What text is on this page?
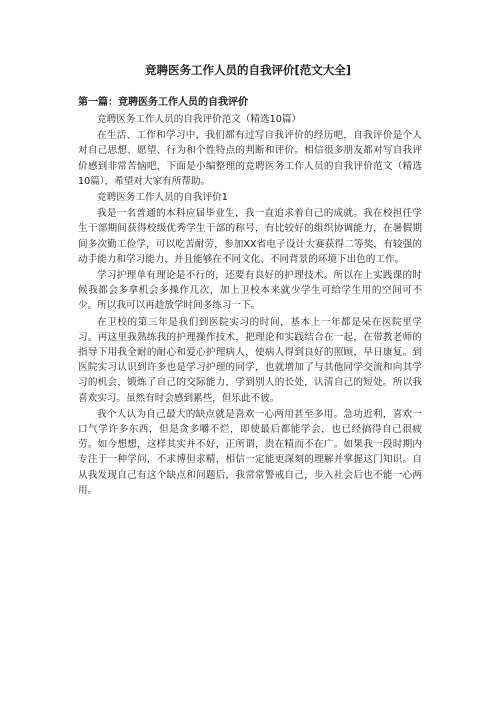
竞聘医务工作人员的自我评价[范文大全]
第一篇：竞聘医务工作人员的自我评价

竞聘医务工作人员的自我评价范文（精选10篇）

在生活、工作和学习中，我们都有过写自我评价的经历吧，自我评价是个人对自己思想、愿望、行为和个性特点的判断和评价。相信很多朋友都对写自我评价感到非常苦恼吧，下面是小编整理的竞聘医务工作人员的自我评价范文（精选10篇），希望对大家有所帮助。

竞聘医务工作人员的自我评价1

我是一名普通的本科应届毕业生，我一直追求着自己的成就。我在校担任学生干部期间获得校级优秀学生干部的称号，有比较好的组织协调能力，在暑假期间多次勤工俭学，可以吃苦耐劳，参加XX省电子设计大赛获得二等奖，有较强的动手能力和学习能力，并且能够在不同文化、不同背景的环境下出色的工作。

学习护理单有理论是不行的，还要有良好的护理技术。所以在上实践课的时候我都会多拿机会多操作几次，加上卫校本来就少学生可给学生用的空间可不少。所以我可以再趁放学时间多练习一下。

在卫校的第三年是我们到医院实习的时间，基本上一年都是呆在医院里学习。再这里我熟练我的护理操作技术，把理论和实践结合在一起，在带教老师的指导下用我全耐的耐心和爱心护理病人，使病人得到良好的照顾，早日康复。到医院实习认识到许多也是学习护理的同学，也就增加了与其他同学交流和向其学习的机会，锻炼了自己的交际能力，学到别人的长处，认清自己的短处。所以我喜欢实习。虽然有时会感到累些，但乐此不彼。

我个人认为自己最大的缺点就是喜欢一心两用甚至多用。急功近利，喜欢一口气学许多东西，但是贪多嚼不烂，即使最后都能学会，也已经搞得自己很疲劳。如今想想，这样其实并不好，正所谓，贵在精而不在广。如果我一段时期内专注于一种学问，不求博但求精，相信一定能更深刻的理解并掌握这门知识。自从我发现自己有这个缺点和问题后，我常常警戒自己，步入社会后也不能一心两用。
